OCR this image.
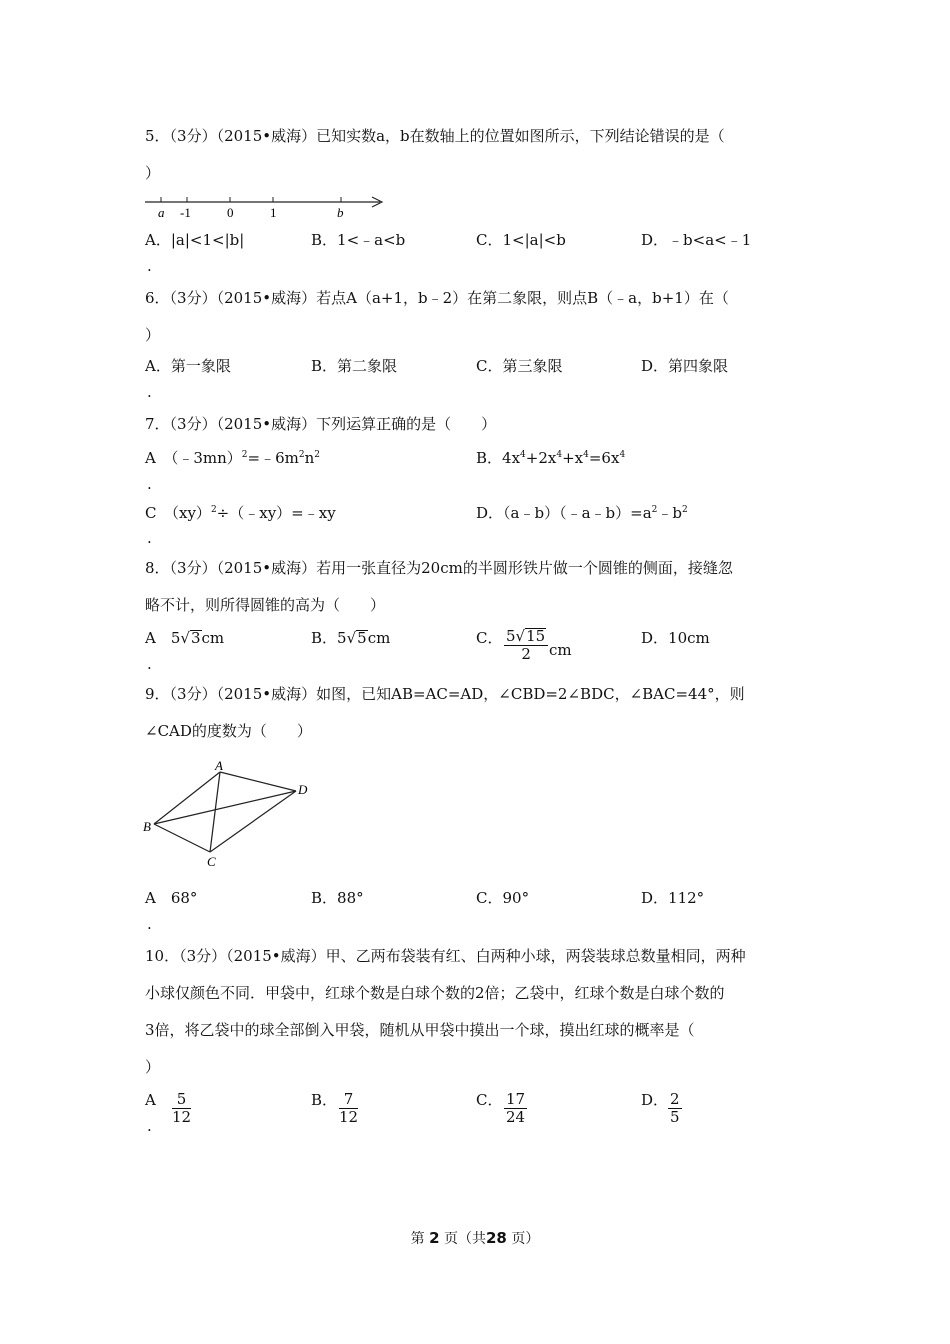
5．（3分）（2015•威海）已知实数a，b在数轴上的位置如图所示，下列结论错误的是（
）
a -1	0	1	b
A．|a|<1<|b|	B．1<﹣a<b	C．1<|a|<b	D．﹣b<a<﹣1
6．（3分）（2015•威海）若点A（a+1，b﹣2）在第二象限，则点B（﹣a，b+1）在（
）
A．第一象限	B．第二象限	C．第三象限	D．第四象限
7．（3分）（2015•威海）下列运算正确的是（　　）
A　 $(﹣3mn)^2=﹣6m^2n^2$	B．$4x^4+2x^4+x^4=6x^4$
C　 （xy）$^2$÷（﹣xy）=﹣xy	D．$(a﹣b)(﹣a﹣b)=a^2﹣b^2$
8．（3分）（2015•威海）若用一张直径为20cm的半圆形铁片做一个圆锥的侧面，接缝忽
略不计，则所得圆锥的高为（　　）
A　 5√3cm	B．5√5cm	C． $\frac{5√15}{2}$ cm
D．10cm
9．（3分）（2015•威海）如图，已知AB=AC=AD，∠CBD=2∠BDC，∠BAC=44°，则
∠CAD的度数为（　　）
A
B
C
D
A　68°	B．88°	C．90°	D．112°
10．（3分）（2015•威海）甲、乙两布袋装有红、白两种小球，两袋装球总数量相同，两种
小球仅颜色不同．甲袋中，红球个数是白球个数的2倍；乙袋中，红球个数是白球个数的
3倍，将乙袋中的球全部倒入甲袋，随机从甲袋中摸出一个球，摸出红球的概率是（
）
A $\frac{5}{12}$	B． $\frac{7}{12}$	C． $\frac{17}{24}$	D． $\frac{2}{5}$
.
.
.
.
.
.
.
第 2 页（共28 页）
